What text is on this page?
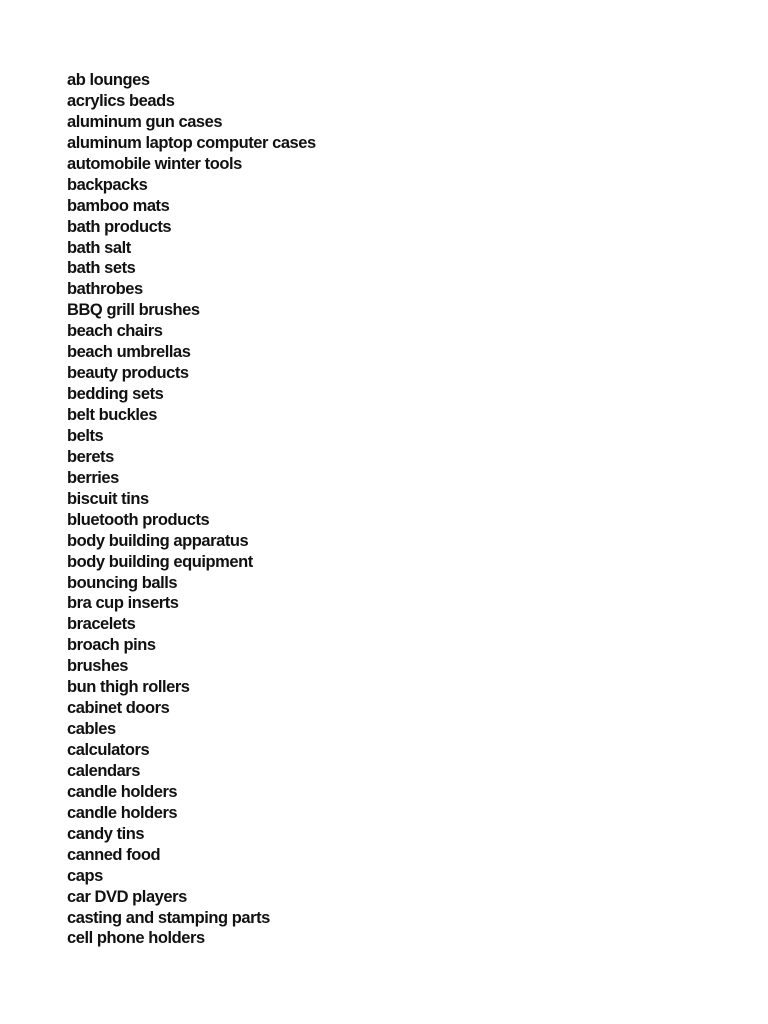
ab lounges
acrylics beads
aluminum gun cases
aluminum laptop computer cases
automobile winter tools
backpacks
bamboo mats
bath products
bath salt
bath sets
bathrobes
BBQ grill brushes
beach chairs
beach umbrellas
beauty products
bedding sets
belt buckles
belts
berets
berries
biscuit tins
bluetooth products
body building apparatus
body building equipment
bouncing balls
bra cup inserts
bracelets
broach pins
brushes
bun thigh rollers
cabinet doors
cables
calculators
calendars
candle holders
candle holders
candy tins
canned food
caps
car DVD players
casting and stamping parts
cell phone holders
